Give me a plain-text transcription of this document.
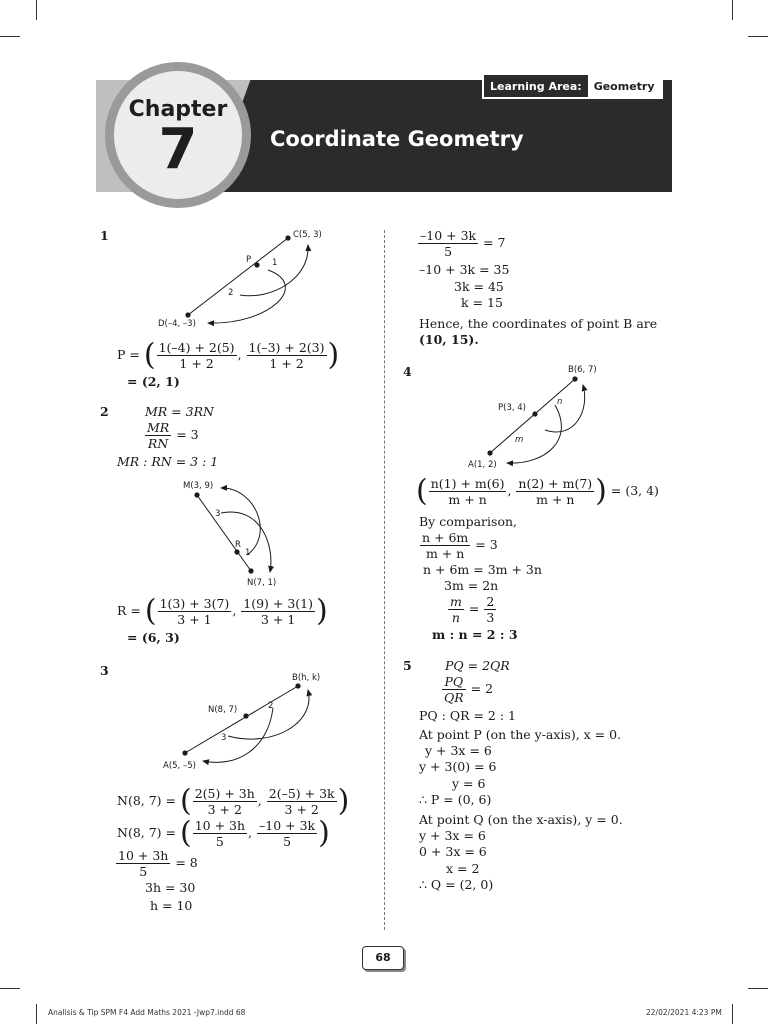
Chapter
7	Coordinate Geometry
Learning Area:	Geometry
1	C(5, 3)
P
D(–4, –3)
1
2
P = ( $\frac{1(-4) + 2(5)}{1 + 2}$ , $\frac{1(-3) + 2(3)}{1 + 2}$ )
= (2, 1)
2	MR = 3RN
$\frac{MR}{RN} = 3$
MR : RN = 3 : 1
M(3, 9)
R
N(7, 1)
3
1
R = ( $\frac{1(3) + 3(7)}{3 + 1}$ , $\frac{1(9) + 3(1)}{3 + 1}$ )
= (6, 3)
3	B(h, k)
N(8, 7)
A(5, –5)
2
3
N(8, 7) = ( $\frac{2(5) + 3h}{3 + 2}$ , $\frac{2(-5) + 3k}{3 + 2}$ )
N(8, 7) = ( $\frac{10 + 3h}{5}$ , $\frac{-10 + 3k}{5}$ )
$\frac{10 + 3h}{5} = 8$
3h = 30
h = 10
$\frac{-10 + 3k}{5} = 7$
–10 + 3k = 35
3k = 45
k = 15
Hence, the coordinates of point B are
(10, 15).
4	B(6, 7)
P(3, 4)
A(1, 2)
n
m
( $\frac{n(1) + m(6)}{m + n}$ , $\frac{n(2) + m(7)}{m + n}$ ) = (3, 4)
By comparison,
$\frac{n + 6m}{m + n} = 3$
n + 6m = 3m + 3n
3m = 2n
$\frac{m}{n} = \frac{2}{3}$
m : n = 2 : 3
5	PQ = 2QR
$\frac{PQ}{QR} = 2$
PQ : QR = 2 : 1
At point P (on the y-axis), x = 0.
y + 3x = 6
y + 3(0) = 6
y = 6
∴ P = (0, 6)
At point Q (on the x-axis), y = 0.
y + 3x = 6
0 + 3x = 6
x = 2
∴ Q = (2, 0)
68
Analisis & Tip SPM F4 Add Maths 2021 -Jwp7.indd 68	22/02/2021 4:23 PM
